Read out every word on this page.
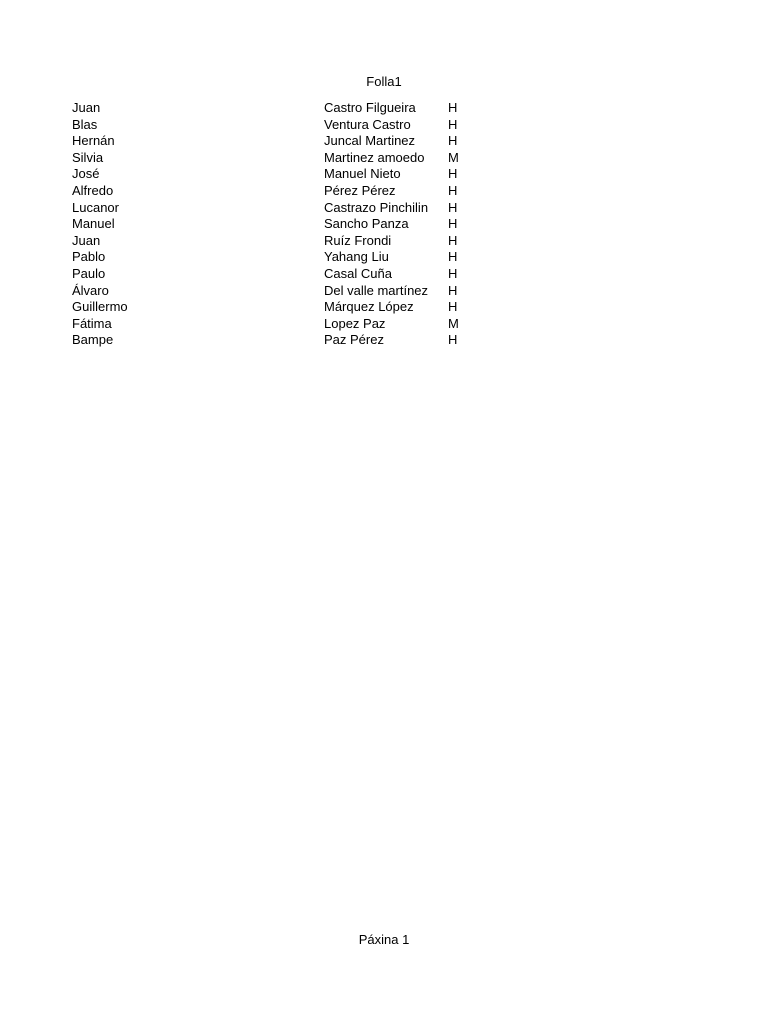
Folla1
Juan	Castro Filgueira	H
Blas	Ventura Castro	H
Hernán	Juncal Martinez	H
Silvia	Martinez amoedo	M
José	Manuel Nieto	H
Alfredo	Pérez Pérez	H
Lucanor	Castrazo Pinchilin	H
Manuel	Sancho Panza	H
Juan	Ruíz Frondi	H
Pablo	Yahang Liu	H
Paulo	Casal Cuña	H
Álvaro	Del valle martínez	H
Guillermo	Márquez López	H
Fátima	Lopez Paz	M
Bampe	Paz Pérez	H
Páxina 1
